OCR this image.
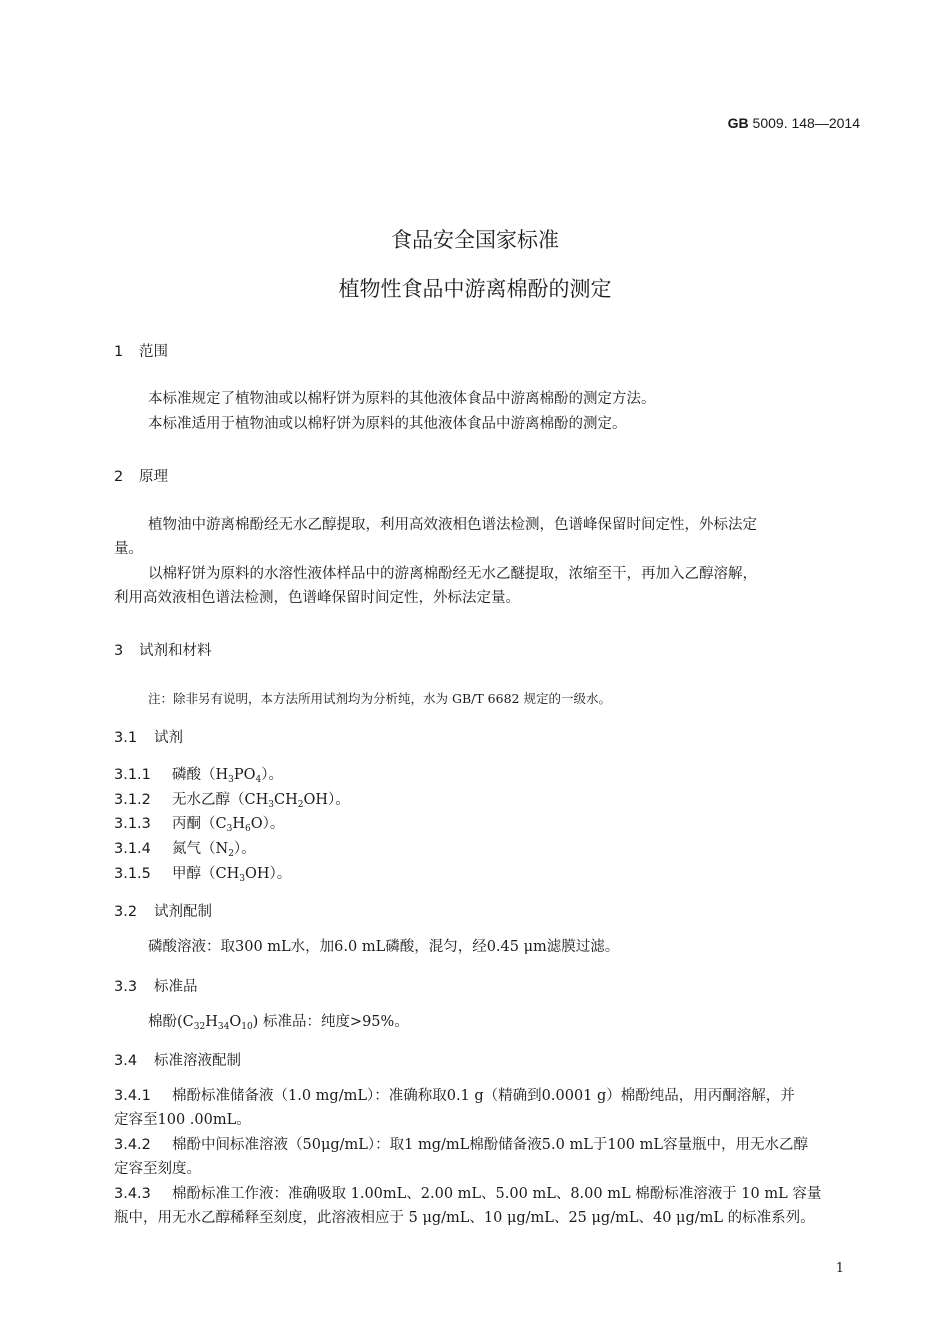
GB 5009. 148—2014
食品安全国家标准
植物性食品中游离棉酚的测定
1 范围
本标准规定了植物油或以棉籽饼为原料的其他液体食品中游离棉酚的测定方法。
本标准适用于植物油或以棉籽饼为原料的其他液体食品中游离棉酚的测定。
2 原理
植物油中游离棉酚经无水乙醇提取，利用高效液相色谱法检测，色谱峰保留时间定性，外标法定
量。
以棉籽饼为原料的水溶性液体样品中的游离棉酚经无水乙醚提取，浓缩至干，再加入乙醇溶解，
利用高效液相色谱法检测，色谱峰保留时间定性，外标法定量。
3 试剂和材料
注：除非另有说明，本方法所用试剂均为分析纯，水为 GB/T 6682 规定的一级水。
3.1 试剂
3.1.1 磷酸$(H_3PO_4)$。
3.1.2 无水乙醇$(CH_3CH_2OH)$。
3.1.3 丙酮$(C_3H_6O)$。
3.1.4 氮气$(N_2)$。
3.1.5 甲醇$(CH_3OH)$。
3.2 试剂配制
磷酸溶液：取300 mL水，加6.0 mL磷酸，混匀，经0.45 μm滤膜过滤。
3.3 标准品
棉酚$(C_{32}H_{34}O_{10})$ 标准品：纯度>95%。
3.4 标准溶液配制
3.4.1 棉酚标准储备液（1.0 mg/mL）：准确称取0.1 g（精确到0.0001 g）棉酚纯品，用丙酮溶解，并
定容至100 .00mL。
3.4.2 棉酚中间标准溶液（50μg/mL）：取1 mg/mL棉酚储备液5.0 mL于100 mL容量瓶中，用无水乙醇
定容至刻度。
3.4.3 棉酚标准工作液：准确吸取 1.00mL、2.00 mL、5.00 mL、8.00 mL 棉酚标准溶液于 10 mL 容量
瓶中，用无水乙醇稀释至刻度，此溶液相应于 5 μg/mL、10 μg/mL、25 μg/mL、40 μg/mL 的标准系列。
1
